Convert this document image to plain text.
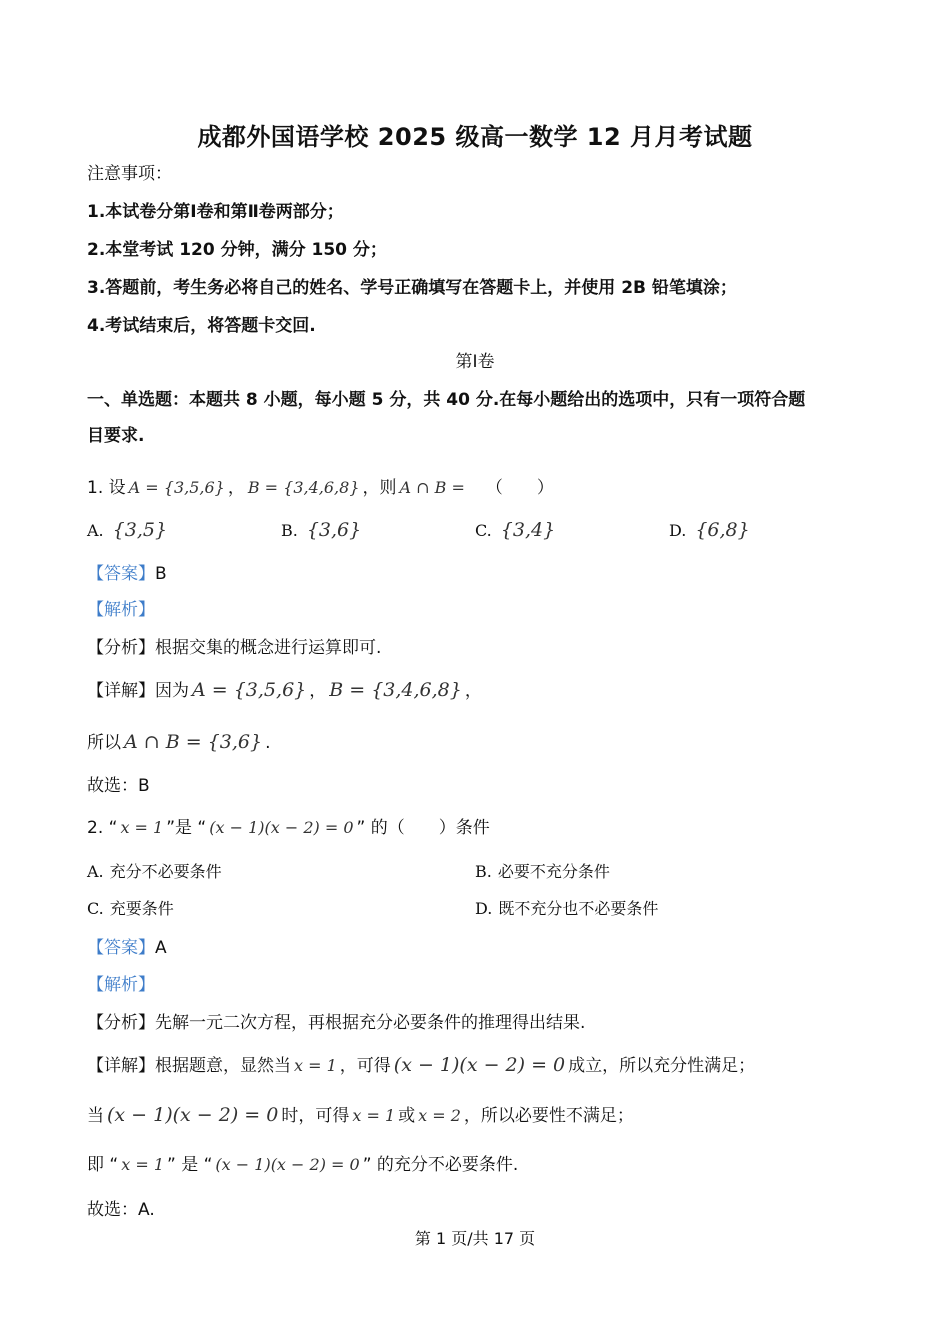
成都外国语学校 2025 级高一数学 12 月月考试题
注意事项：
1.本试卷分第Ⅰ卷和第Ⅱ卷两部分；
2.本堂考试 120 分钟，满分 150 分；
3.答题前，考生务必将自己的姓名、学号正确填写在答题卡上，并使用 2B 铅笔填涂；
4.考试结束后，将答题卡交回.
第Ⅰ卷
一、单选题：本题共 8 小题，每小题 5 分，共 40 分.在每小题给出的选项中，只有一项符合题
目要求.
1. 设 A = {3,5,6} ， B = {3,4,6,8} ，则 A ∩ B = （　　）
A. {3,5}	B. {3,6}	C. {3,4}	D. {6,8}
【答案】B
【解析】
【分析】根据交集的概念进行运算即可.
【详解】因为 A = {3,5,6} ， B = {3,4,6,8} ，
所以 A ∩ B = {3,6} .
故选：B
2. “ x = 1 ”是 “ (x − 1)(x − 2) = 0 ” 的（　　）条件
A. 充分不必要条件	B. 必要不充分条件
C. 充要条件	D. 既不充分也不必要条件
【答案】A
【解析】
【分析】先解一元二次方程，再根据充分必要条件的推理得出结果.
【详解】根据题意，显然当 x = 1 ，可得 (x − 1)(x − 2) = 0 成立，所以充分性满足；
当 (x − 1)(x − 2) = 0 时，可得 x = 1 或 x = 2 ，所以必要性不满足；
即 “ x = 1 ” 是 “ (x − 1)(x − 2) = 0 ” 的充分不必要条件.
故选：A.
第 1 页/共 17 页
